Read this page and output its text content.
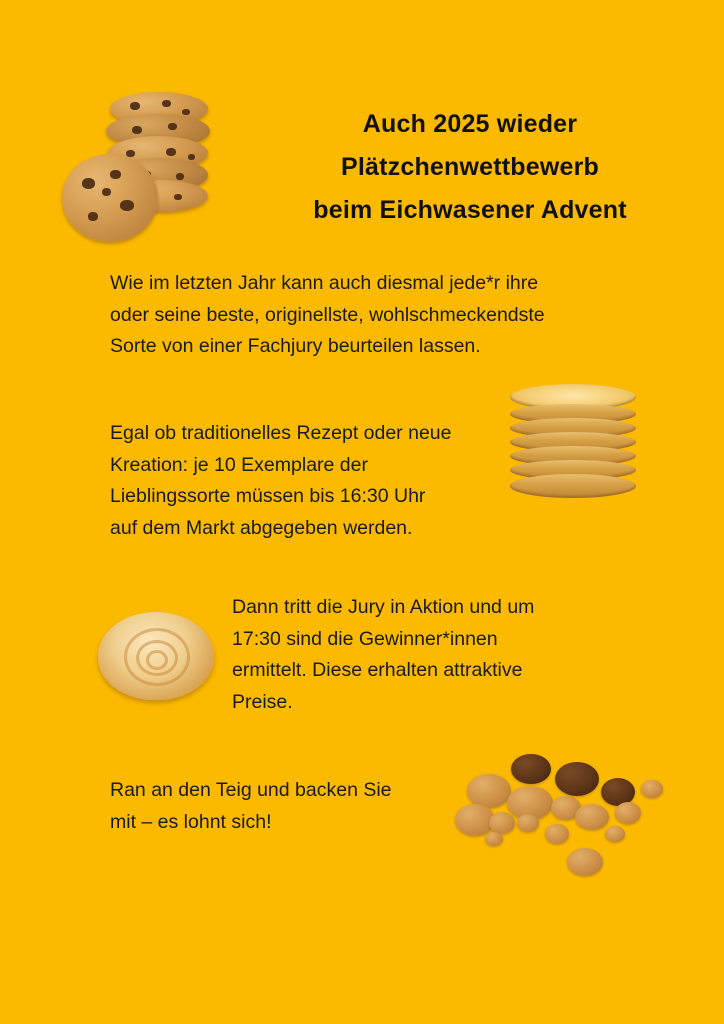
Auch 2025 wieder
Plätzchenwettbewerb
beim Eichwasener Advent
Wie im letzten Jahr kann auch diesmal jede*r ihre
oder seine beste, originellste, wohlschmeckendste
Sorte von einer Fachjury beurteilen lassen.
Egal ob traditionelles Rezept oder neue
Kreation: je 10 Exemplare der
Lieblingssorte müssen bis 16:30 Uhr
auf dem Markt abgegeben werden.
Dann tritt die Jury in Aktion und um
17:30 sind die Gewinner*innen
ermittelt. Diese erhalten attraktive
Preise.
Ran an den Teig und backen Sie
mit – es lohnt sich!
